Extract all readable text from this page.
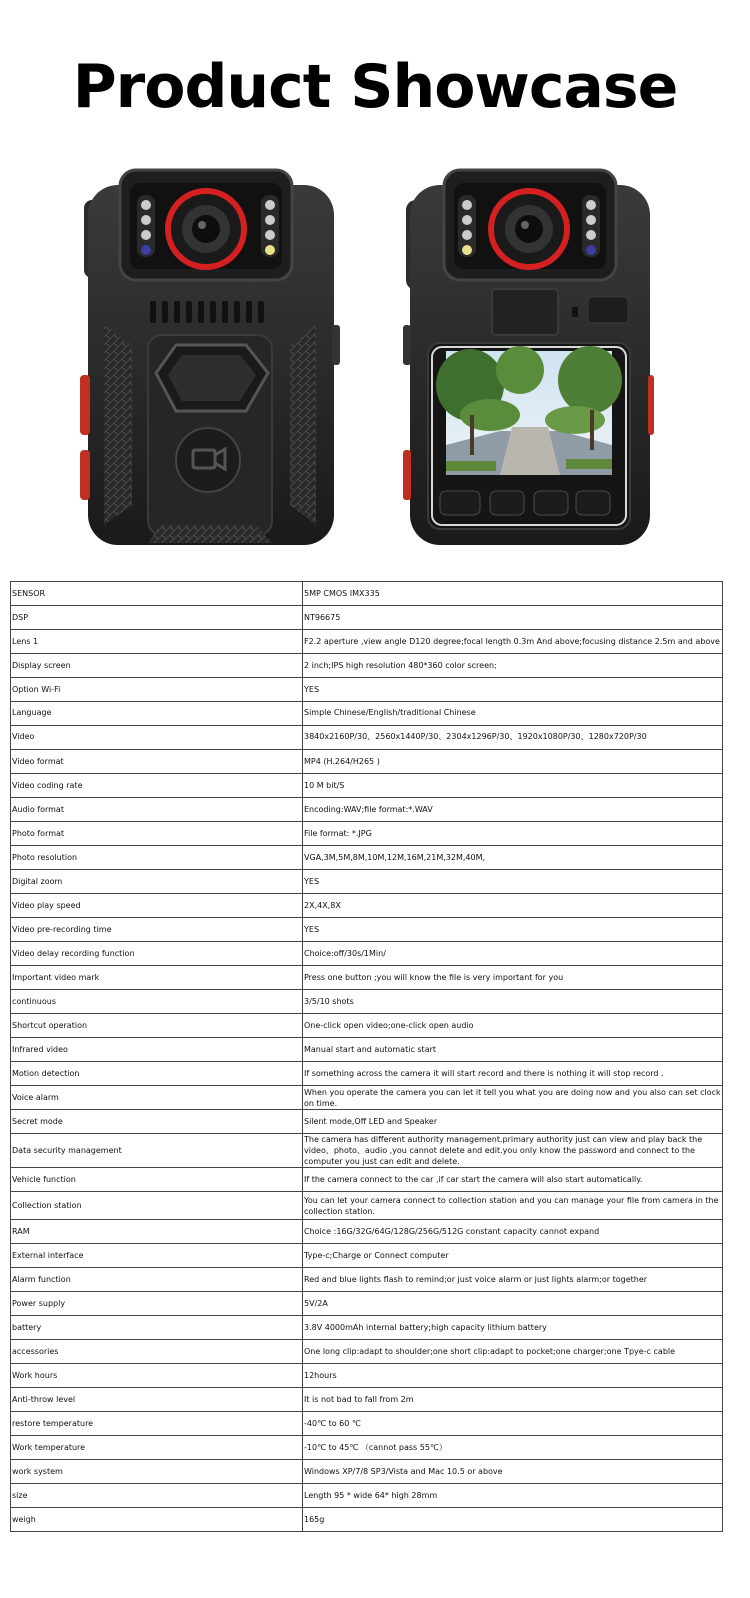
Product Showcase
SENSOR	5MP CMOS IMX335
DSP	NT96675
Lens 1	F2.2 aperture ,view angle D120 degree;focal length 0.3m And above;focusing distance 2.5m and above
Display screen	2 inch;IPS high resolution 480*360 color screen;
Option Wi-Fi	YES
Language	Simple Chinese/English/traditional Chinese
Video	3840x2160P/30、2560x1440P/30、2304x1296P/30、1920x1080P/30、1280x720P/30
Video format	MP4 (H.264/H265 )
Video coding rate	10 M bit/S
Audio format	Encoding:WAV;file format:*.WAV
Photo format	File format: *.JPG
Photo resolution	VGA,3M,5M,8M,10M,12M,16M,21M,32M,40M,
Digital zoom	YES
Video play speed	2X,4X,8X
Video pre-recording time	YES
Video delay recording function	Choice:off/30s/1Min/
Important video mark	Press one button ;you will know the file is very important for you
continuous	3/5/10 shots
Shortcut operation	One-click open video;one-click open audio
Infrared video	Manual start and automatic start
Motion detection	If something across the camera it will start record and there is nothing it will stop record .
Voice alarm	When you operate the camera you can let it tell you what you are doing now and you also can set clock on time.
Secret mode	Silent mode,Off LED and Speaker
Data security management	The camera has different authority management.primary authority just can view and play back the video、photo、audio ,you cannot delete and edit.you only know the password and connect to the computer you just can edit and delete.
Vehicle function	If the camera connect to the car ,if car start the camera will also start automatically.
Collection station	You can let your camera connect to collection station and you can manage your file from camera in the collection station.
RAM	Choice :16G/32G/64G/128G/256G/512G constant capacity cannot expand
External interface	Type-c;Charge or Connect computer
Alarm function	Red and blue lights flash to remind;or just voice alarm or just lights alarm;or together
Power supply	5V/2A
battery	3.8V 4000mAh internal battery;high capacity lithium battery
accessories	One long clip:adapt to shoulder;one short clip:adapt to pocket;one charger;one Tpye-c cable
Work hours	12hours
Anti-throw level	It is not bad to fall from 2m
restore temperature	-40℃ to 60 ℃
Work temperature	-10℃ to 45℃ （cannot pass 55℃）
work system	Windows XP/7/8 SP3/Vista and Mac 10.5 or above
size	Length 95 * wide 64* high 28mm
weigh	165g
